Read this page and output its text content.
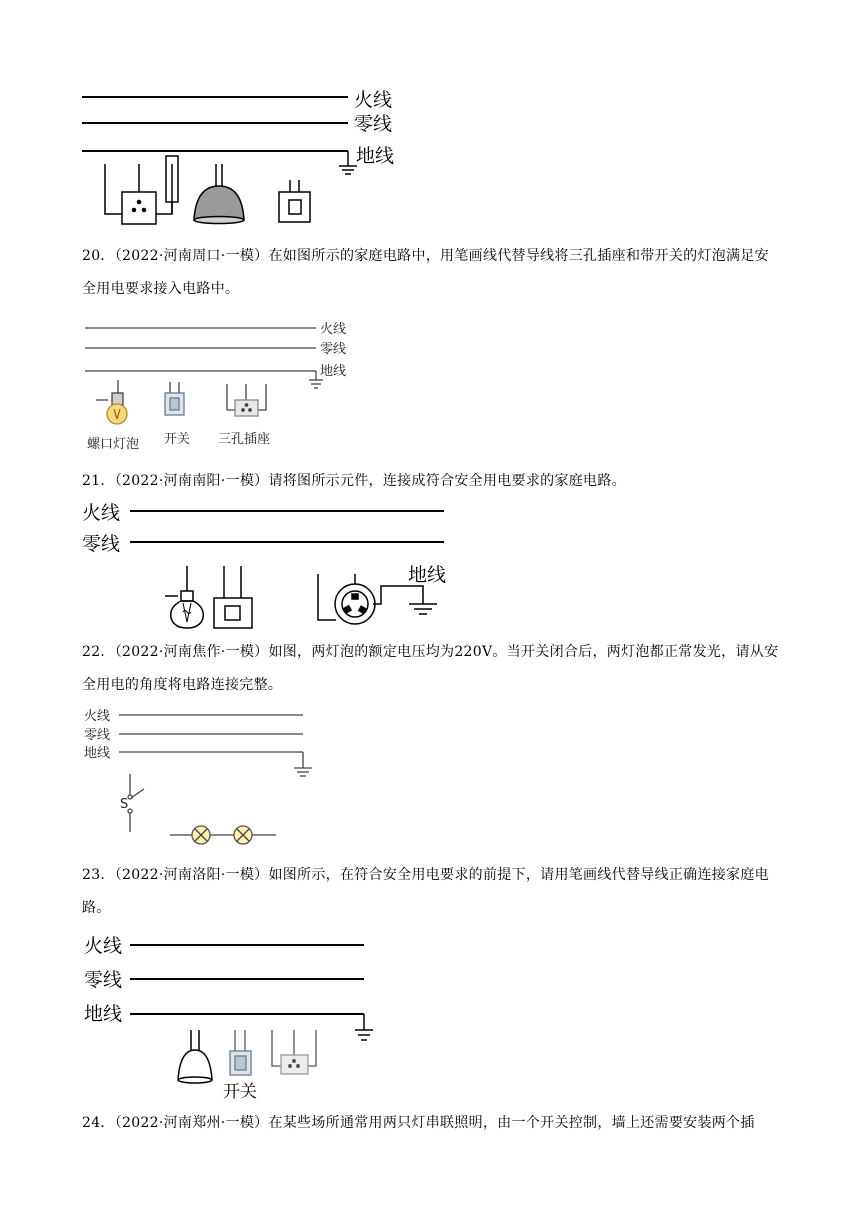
火线
零线
地线
火线
零线
地线
螺口灯泡 开关 三孔插座
火线
零线
地线
火线
零线
地线
S
火线
零线
地线
开关
20．（2022·河南周口·一模）在如图所示的家庭电路中，用笔画线代替导线将三孔插座和带开关的灯泡满足安全用电要求接入电路中。
21．（2022·河南南阳·一模）请将图所示元件，连接成符合安全用电要求的家庭电路。
22．（2022·河南焦作·一模）如图，两灯泡的额定电压均为220V。当开关闭合后，两灯泡都正常发光，请从安全用电的角度将电路连接完整。
23．（2022·河南洛阳·一模）如图所示，在符合安全用电要求的前提下，请用笔画线代替导线正确连接家庭电路。
24．（2022·河南郑州·一模）在某些场所通常用两只灯串联照明，由一个开关控制，墙上还需要安装两个插
